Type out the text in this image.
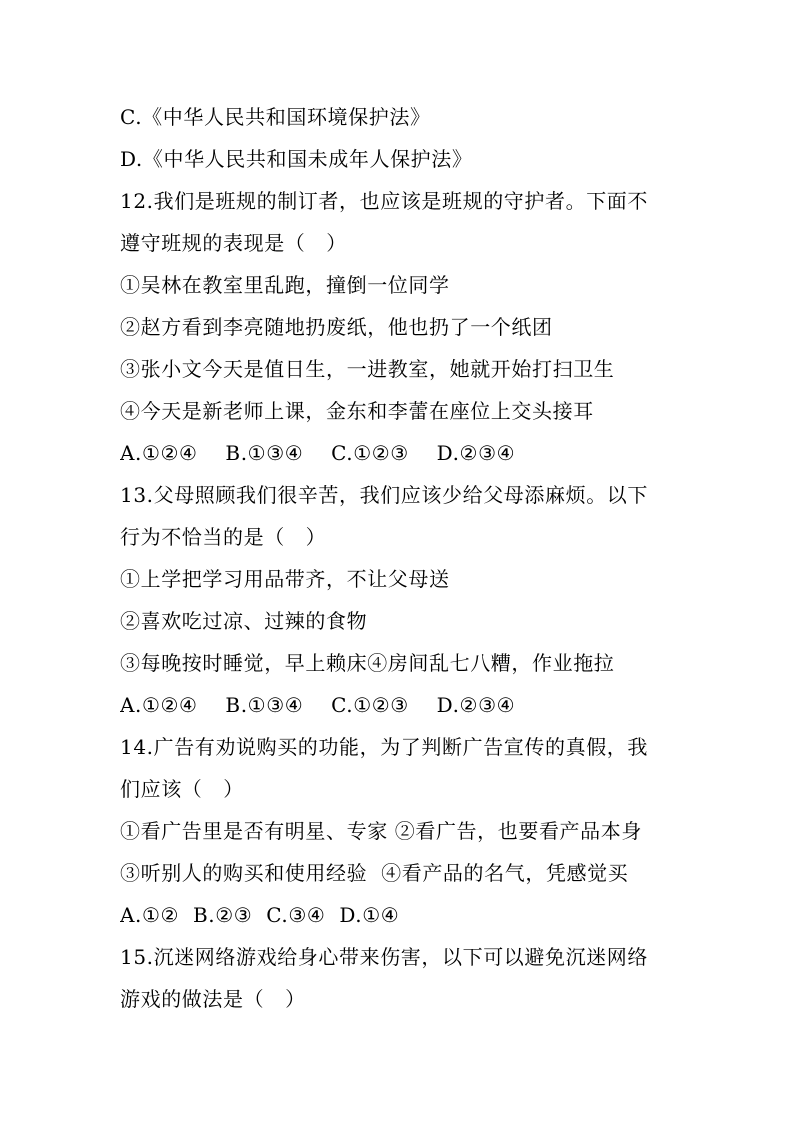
C.《中华人民共和国环境保护法》
D.《中华人民共和国未成年人保护法》
12.我们是班规的制订者，也应该是班规的守护者。下面不
遵守班规的表现是（   ）
①吴林在教室里乱跑，撞倒一位同学
②赵方看到李亮随地扔废纸，他也扔了一个纸团
③张小文今天是值日生，一进教室，她就开始打扫卫生
④今天是新老师上课，金东和李蕾在座位上交头接耳
A.①②④    B.①③④    C.①②③    D.②③④
13.父母照顾我们很辛苦，我们应该少给父母添麻烦。以下
行为不恰当的是（   ）
①上学把学习用品带齐，不让父母送
②喜欢吃过凉、过辣的食物
③每晚按时睡觉，早上赖床④房间乱七八糟，作业拖拉
A.①②④    B.①③④    C.①②③    D.②③④
14.广告有劝说购买的功能，为了判断广告宣传的真假，我
们应该（   ）
①看广告里是否有明星、专家 ②看广告，也要看产品本身
③听别人的购买和使用经验  ④看产品的名气，凭感觉买
A.①②  B.②③  C.③④  D.①④
15.沉迷网络游戏给身心带来伤害，以下可以避免沉迷网络
游戏的做法是（   ）
